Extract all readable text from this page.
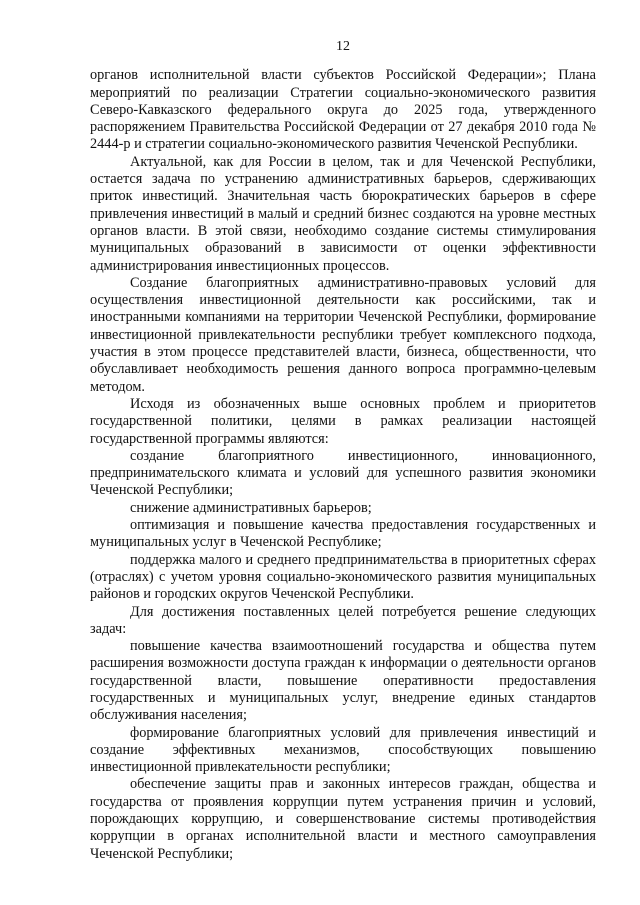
12

органов исполнительной власти субъектов Российской Федерации»; Плана мероприятий по реализации Стратегии социально-экономического развития Северо-Кавказского федерального округа до 2025 года, утвержденного распоряжением Правительства Российской Федерации от 27 декабря 2010 года № 2444-р и стратегии социально-экономического развития Чеченской Республики.

Актуальной, как для России в целом, так и для Чеченской Республики, остается задача по устранению административных барьеров, сдерживающих приток инвестиций. Значительная часть бюрократических барьеров в сфере привлечения инвестиций в малый и средний бизнес создаются на уровне местных органов власти. В этой связи, необходимо создание системы стимулирования муниципальных образований в зависимости от оценки эффективности администрирования инвестиционных процессов.

Создание благоприятных административно-правовых условий для осуществления инвестиционной деятельности как российскими, так и иностранными компаниями на территории Чеченской Республики, формирование инвестиционной привлекательности республики требует комплексного подхода, участия в этом процессе представителей власти, бизнеса, общественности, что обуславливает необходимость решения данного вопроса программно-целевым методом.

Исходя из обозначенных выше основных проблем и приоритетов государственной политики, целями в рамках реализации настоящей государственной программы являются:

создание благоприятного инвестиционного, инновационного, предпринимательского климата и условий для успешного развития экономики Чеченской Республики;

снижение административных барьеров;

оптимизация и повышение качества предоставления государственных и муниципальных услуг в Чеченской Республике;

поддержка малого и среднего предпринимательства в приоритетных сферах (отраслях) с учетом уровня социально-экономического развития муниципальных районов и городских округов Чеченской Республики.

Для достижения поставленных целей потребуется решение следующих задач:

повышение качества взаимоотношений государства и общества путем расширения возможности доступа граждан к информации о деятельности органов государственной власти, повышение оперативности предоставления государственных и муниципальных услуг, внедрение единых стандартов обслуживания населения;

формирование благоприятных условий для привлечения инвестиций и создание эффективных механизмов, способствующих повышению инвестиционной привлекательности республики;

обеспечение защиты прав и законных интересов граждан, общества и государства от проявления коррупции путем устранения причин и условий, порождающих коррупцию, и совершенствование системы противодействия коррупции в органах исполнительной власти и местного самоуправления Чеченской Республики;
